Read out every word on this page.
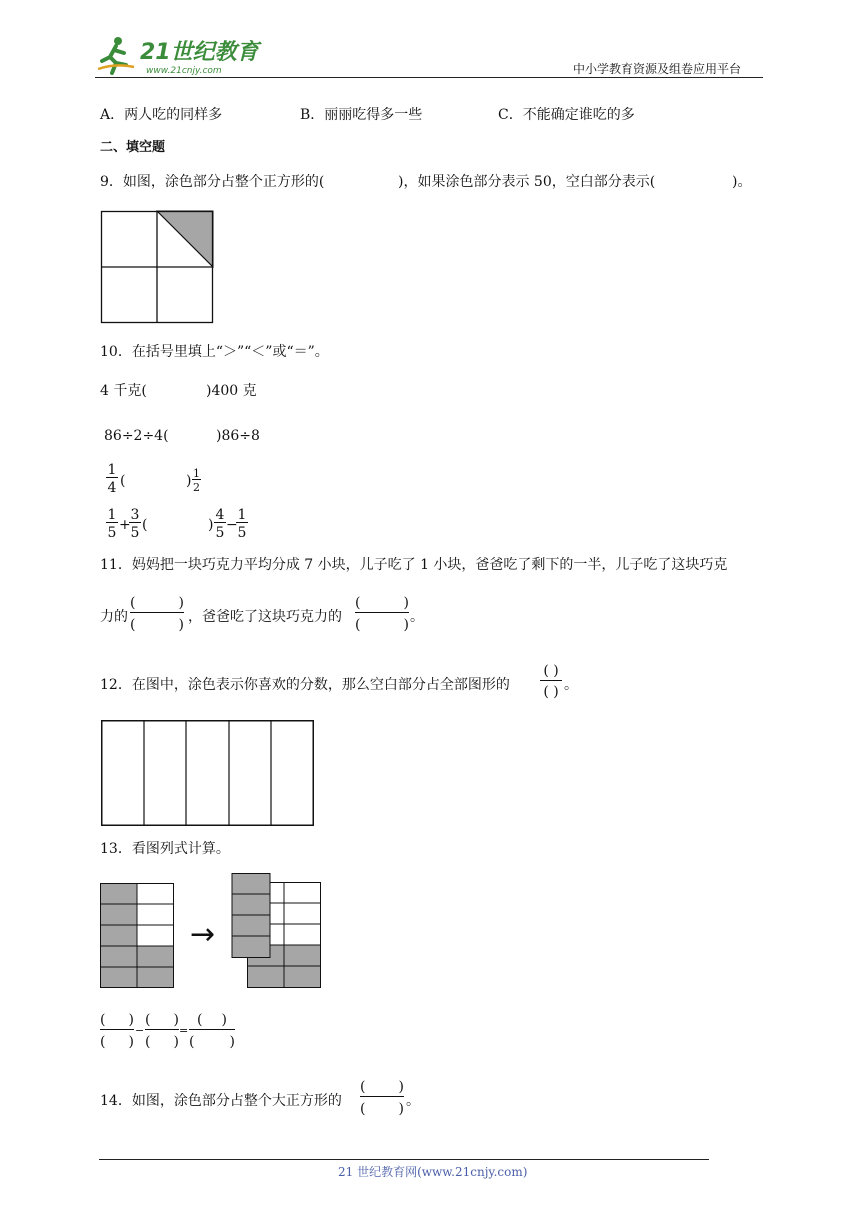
21世纪教育
www.21cnjy.com	中小学教育资源及组卷应用平台
A．两人吃的同样多	B．丽丽吃得多一些	C．不能确定谁吃的多
二、填空题
9．如图，涂色部分占整个正方形的(	)，如果涂色部分表示 50，空白部分表示(	)。
10．在括号里填上“＞”“＜”或“＝”。
4 千克(	)400 克
86÷2÷4(	)86÷8
1
4 (	) 1
2
1
5 +
3
5 (	)
4
5 −
1
5
11．妈妈把一块巧克力平均分成 7 小块，儿子吃了 1 小块，爸爸吃了剩下的一半，儿子吃了这块巧克
力的
(	)
(	) ，爸爸吃了这块巧克力的
(	)
(	) 。
12．在图中，涂色表示你喜欢的分数，那么空白部分占全部图形的
( )
( ) 。
13．看图列式计算。
→
( )
( )
−
( )
( )
=
( )
(	)
14．如图，涂色部分占整个大正方形的
( )
( ) 。
21 世纪教育网(www.21cnjy.com)
